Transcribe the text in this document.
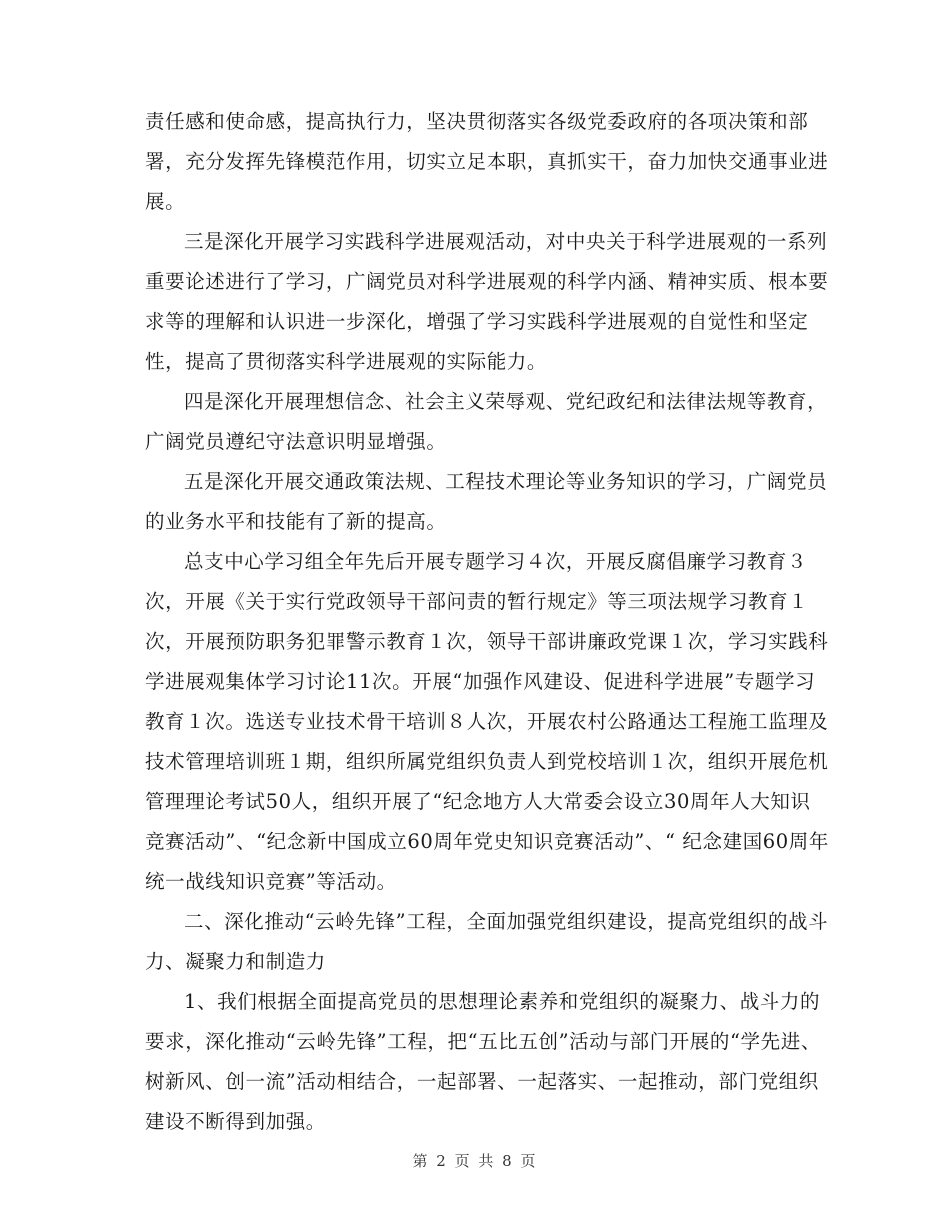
责任感和使命感，提高执行力，坚决贯彻落实各级党委政府的各项决策和部署，充分发挥先锋模范作用，切实立足本职，真抓实干，奋力加快交通事业进展。

三是深化开展学习实践科学进展观活动，对中央关于科学进展观的一系列重要论述进行了学习，广阔党员对科学进展观的科学内涵、精神实质、根本要求等的理解和认识进一步深化，增强了学习实践科学进展观的自觉性和坚定性，提高了贯彻落实科学进展观的实际能力。

四是深化开展理想信念、社会主义荣辱观、党纪政纪和法律法规等教育，广阔党员遵纪守法意识明显增强。

五是深化开展交通政策法规、工程技术理论等业务知识的学习，广阔党员的业务水平和技能有了新的提高。

总支中心学习组全年先后开展专题学习４次，开展反腐倡廉学习教育３次，开展《关于实行党政领导干部问责的暂行规定》等三项法规学习教育１次，开展预防职务犯罪警示教育１次，领导干部讲廉政党课１次，学习实践科学进展观集体学习讨论11次。开展“加强作风建设、促进科学进展”专题学习教育１次。选送专业技术骨干培训８人次，开展农村公路通达工程施工监理及技术管理培训班１期，组织所属党组织负责人到党校培训１次，组织开展危机管理理论考试50人，组织开展了“纪念地方人大常委会设立30周年人大知识竞赛活动”、“纪念新中国成立60周年党史知识竞赛活动”、“ 纪念建国60周年统一战线知识竞赛”等活动。

二、深化推动“云岭先锋”工程，全面加强党组织建设，提高党组织的战斗力、凝聚力和制造力

1、我们根据全面提高党员的思想理论素养和党组织的凝聚力、战斗力的要求，深化推动“云岭先锋”工程，把“五比五创”活动与部门开展的“学先进、树新风、创一流”活动相结合，一起部署、一起落实、一起推动，部门党组织建设不断得到加强。

第 2 页 共 8 页
